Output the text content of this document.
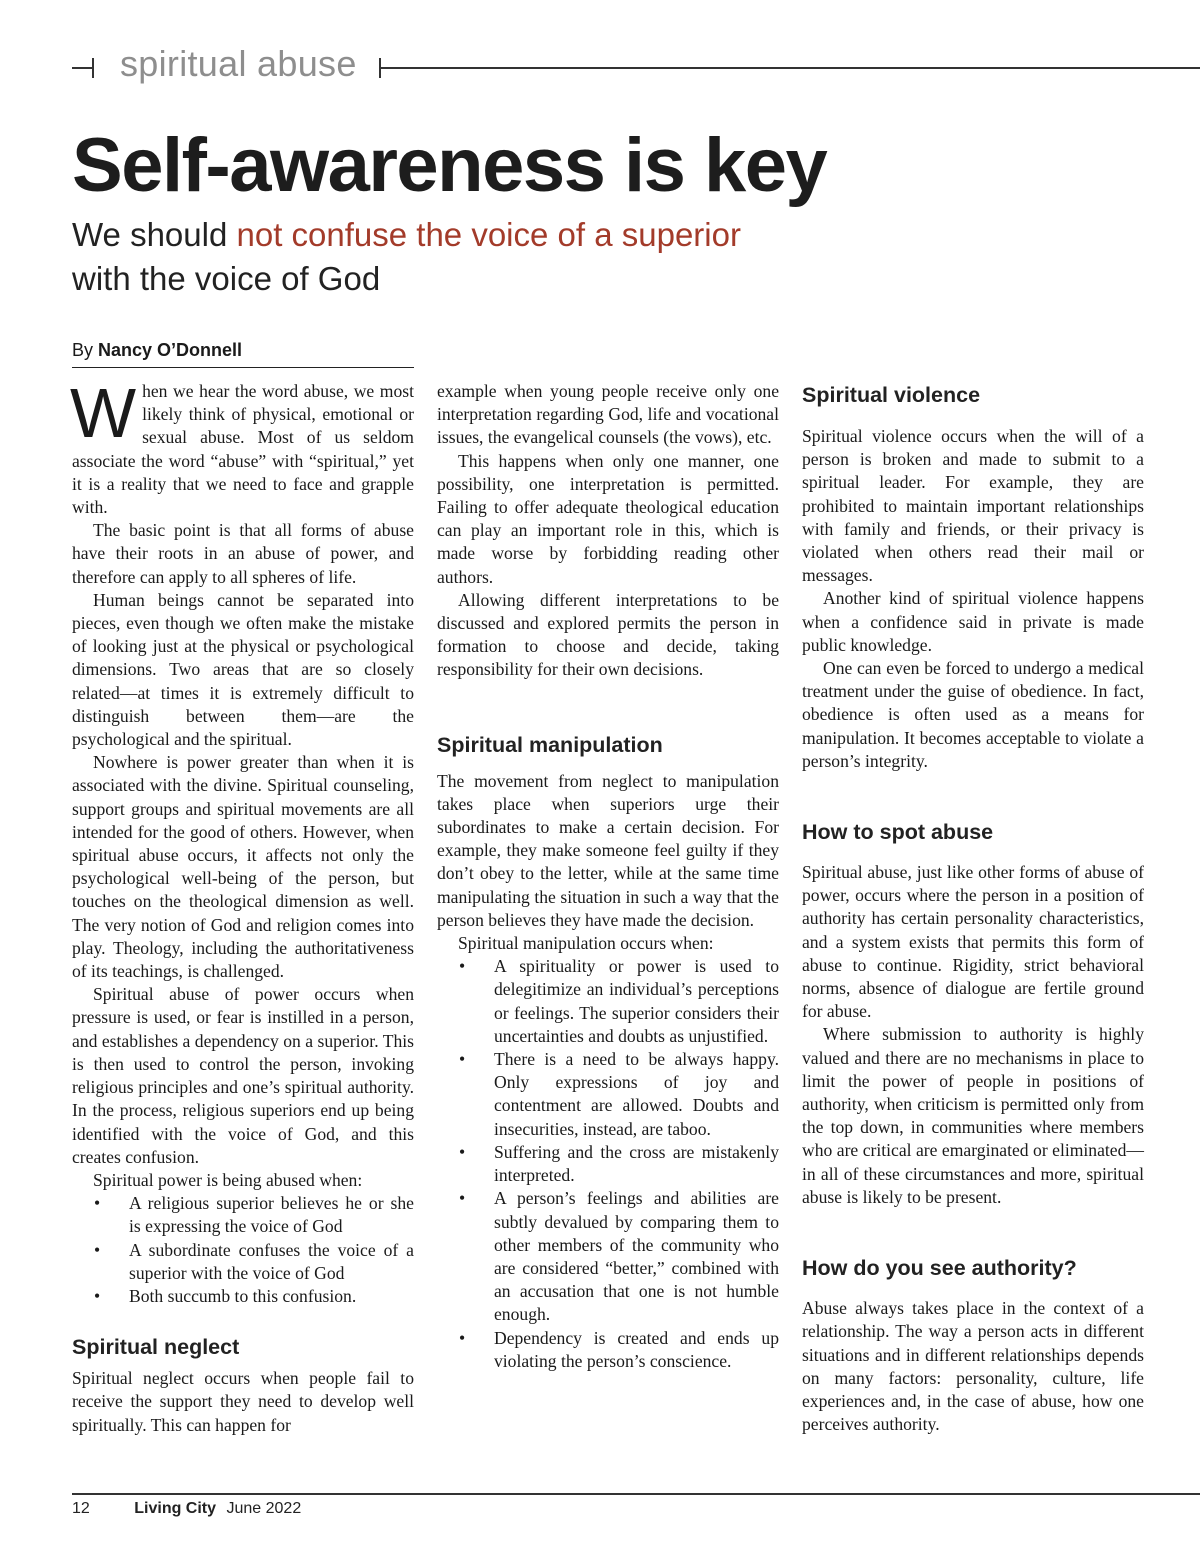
spiritual abuse
Self-awareness is key

We should not confuse the voice of a superior
with the voice of God

By Nancy O’Donnell

When we hear the word abuse, we most likely think of physical, emotional or sexual abuse. Most of us seldom associate the word “abuse” with “spiritual,” yet it is a reality that we need to face and grapple with.

The basic point is that all forms of abuse have their roots in an abuse of power, and therefore can apply to all spheres of life.

Human beings cannot be separated into pieces, even though we often make the mistake of looking just at the physical or psychological dimensions. Two areas that are so closely related—at times it is extremely difficult to distinguish between them—are the psychological and the spiritual.

Nowhere is power greater than when it is associated with the divine. Spiritual counseling, support groups and spiritual movements are all intended for the good of others. However, when spiritual abuse occurs, it affects not only the psychological well-being of the person, but touches on the theological dimension as well. The very notion of God and religion comes into play. Theology, including the authoritativeness of its teachings, is challenged.

Spiritual abuse of power occurs when pressure is used, or fear is instilled in a person, and establishes a dependency on a superior. This is then used to control the person, invoking religious principles and one’s spiritual authority. In the process, religious superiors end up being identified with the voice of God, and this creates confusion.

Spiritual power is being abused when:

• A religious superior believes he or she is expressing the voice of God
• A subordinate confuses the voice of a superior with the voice of God
• Both succumb to this confusion.
Spiritual neglect

Spiritual neglect occurs when people fail to receive the support they need to develop well spiritually. This can happen for

example when young people receive only one interpretation regarding God, life and vocational issues, the evangelical counsels (the vows), etc.

This happens when only one manner, one possibility, one interpretation is permitted. Failing to offer adequate theological education can play an important role in this, which is made worse by forbidding reading other authors.

Allowing different interpretations to be discussed and explored permits the person in formation to choose and decide, taking responsibility for their own decisions.

Spiritual manipulation

The movement from neglect to manipulation takes place when superiors urge their subordinates to make a certain decision. For example, they make someone feel guilty if they don’t obey to the letter, while at the same time manipulating the situation in such a way that the person believes they have made the decision.

Spiritual manipulation occurs when:

• A spirituality or power is used to delegitimize an individual’s perceptions or feelings. The superior considers their uncertainties and doubts as unjustified.
• There is a need to be always happy. Only expressions of joy and contentment are allowed. Doubts and insecurities, instead, are taboo.
• Suffering and the cross are mistakenly interpreted.
• A person’s feelings and abilities are subtly devalued by comparing them to other members of the community who are considered “better,” combined with an accusation that one is not humble enough.
• Dependency is created and ends up violating the person’s conscience.
Spiritual violence

Spiritual violence occurs when the will of a person is broken and made to submit to a spiritual leader. For example, they are prohibited to maintain important relationships with family and friends, or their privacy is violated when others read their mail or messages.

Another kind of spiritual violence happens when a confidence said in private is made public knowledge.

One can even be forced to undergo a medical treatment under the guise of obedience. In fact, obedience is often used as a means for manipulation. It becomes acceptable to violate a person’s integrity.

How to spot abuse

Spiritual abuse, just like other forms of abuse of power, occurs where the person in a position of authority has certain personality characteristics, and a system exists that permits this form of abuse to continue. Rigidity, strict behavioral norms, absence of dialogue are fertile ground for abuse.

Where submission to authority is highly valued and there are no mechanisms in place to limit the power of people in positions of authority, when criticism is permitted only from the top down, in communities where members who are critical are emarginated or eliminated—in all of these circumstances and more, spiritual abuse is likely to be present.

How do you see authority?

Abuse always takes place in the context of a relationship. The way a person acts in different situations and in different relationships depends on many factors: personality, culture, life experiences and, in the case of abuse, how one perceives authority.

12	Living City June 2022
